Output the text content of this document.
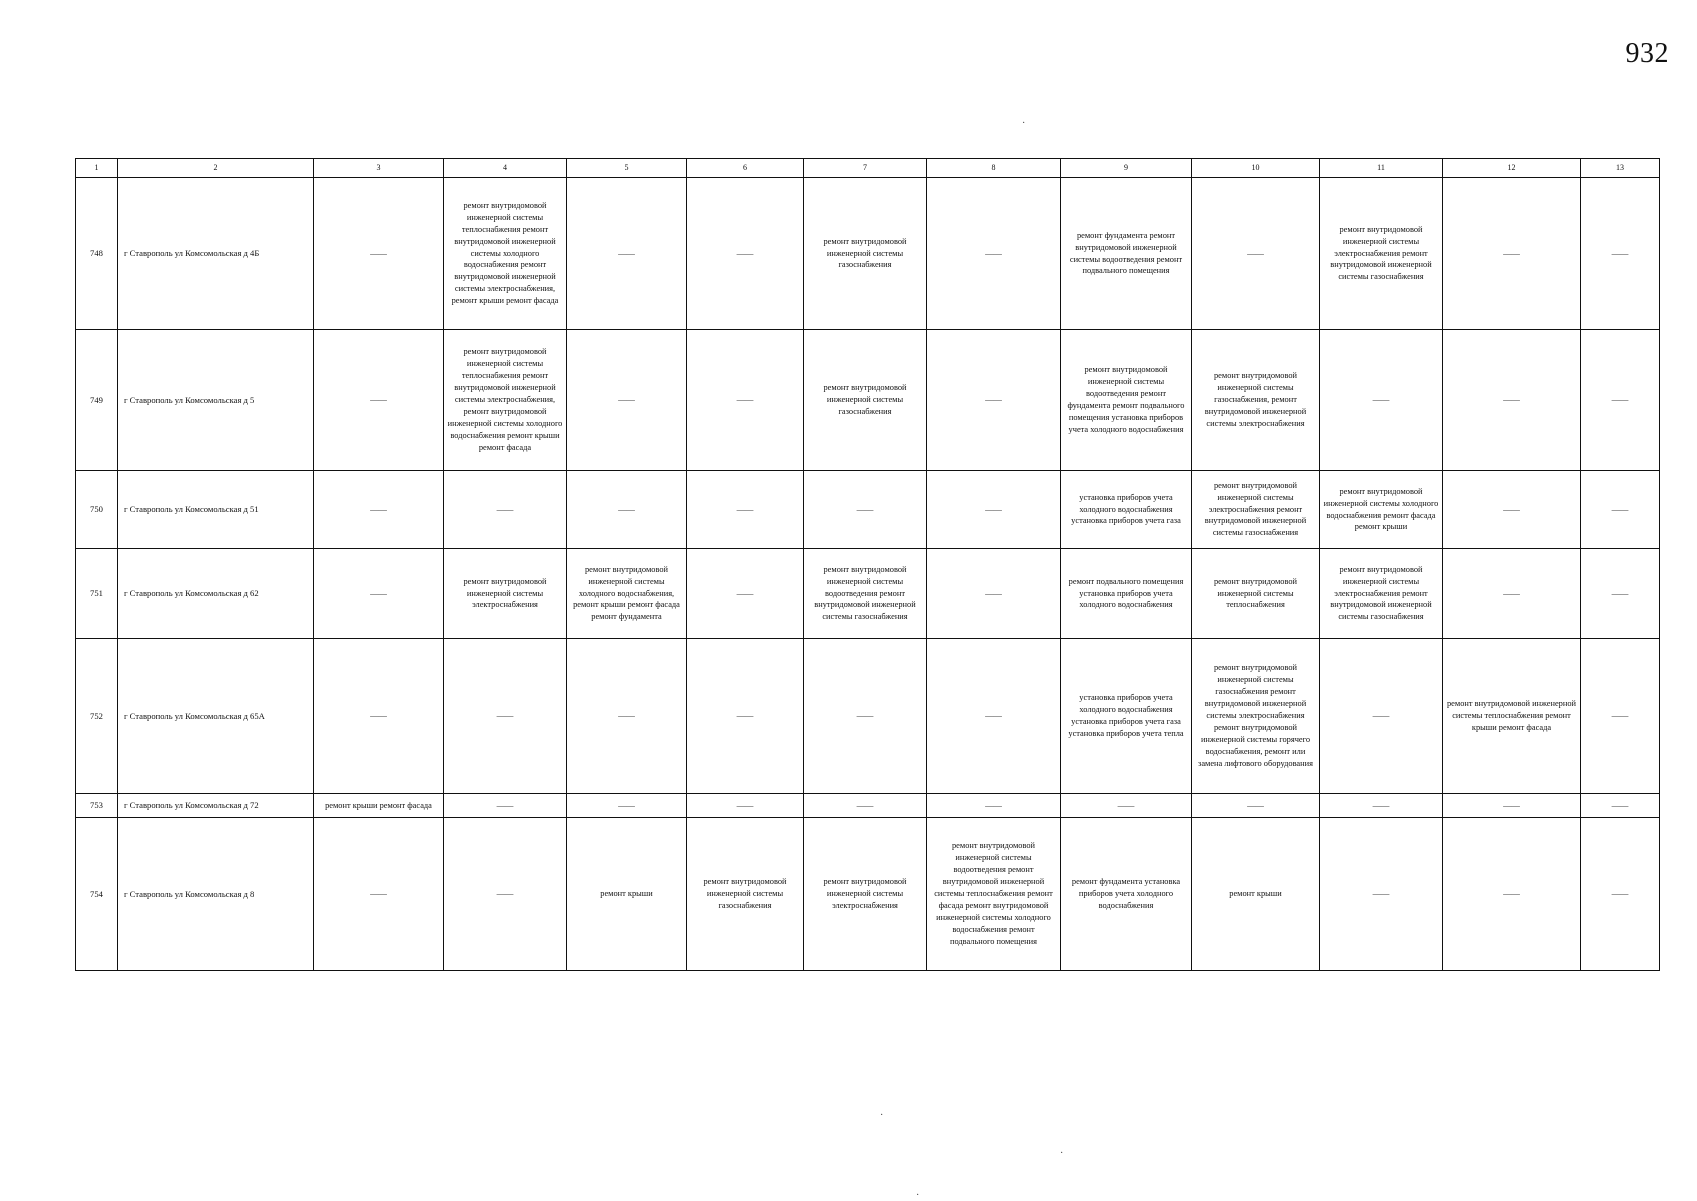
932
·
·
·
·
1	2	3	4	5	6	7	8	9	10	11	12	13
748	г Ставрополь ул Комсомольская д 4Б	——	ремонт внутридомовой инженерной системы теплоснабжения ремонт внутридомовой инженерной системы холодного водоснабжения ремонт внутридомовой инженерной системы электроснабжения, ремонт крыши ремонт фасада	——	——	ремонт внутридомовой инженерной системы газоснабжения	——	ремонт фундамента ремонт внутридомовой инженерной системы водоотведения ремонт подвального помещения	——	ремонт внутридомовой инженерной системы электроснабжения ремонт внутридомовой инженерной системы газоснабжения	——	——
749	г Ставрополь ул Комсомольская д 5	——	ремонт внутридомовой инженерной системы теплоснабжения ремонт внутридомовой инженерной системы электроснабжения, ремонт внутридомовой инженерной системы холодного водоснабжения ремонт крыши ремонт фасада	——	——	ремонт внутридомовой инженерной системы газоснабжения	——	ремонт внутридомовой инженерной системы водоотведения ремонт фундамента ремонт подвального помещения установка приборов учета холодного водоснабжения	ремонт внутридомовой инженерной системы газоснабжения, ремонт внутридомовой инженерной системы электроснабжения	——	——	——
750	г Ставрополь ул Комсомольская д 51	——	——	——	——	——	——	установка приборов учета холодного водоснабжения установка приборов учета газа	ремонт внутридомовой инженерной системы электроснабжения ремонт внутридомовой инженерной системы газоснабжения	ремонт внутридомовой инженерной системы холодного водоснабжения ремонт фасада ремонт крыши	——	——
751	г Ставрополь ул Комсомольская д 62	——	ремонт внутридомовой инженерной системы электроснабжения	ремонт внутридомовой инженерной системы холодного водоснабжения, ремонт крыши ремонт фасада ремонт фундамента	——	ремонт внутридомовой инженерной системы водоотведения ремонт внутридомовой инженерной системы газоснабжения	——	ремонт подвального помещения установка приборов учета холодного водоснабжения	ремонт внутридомовой инженерной системы теплоснабжения	ремонт внутридомовой инженерной системы электроснабжения ремонт внутридомовой инженерной системы газоснабжения	——	——
752	г Ставрополь ул Комсомольская д 65А	——	——	——	——	——	——	установка приборов учета холодного водоснабжения установка приборов учета газа установка приборов учета тепла	ремонт внутридомовой инженерной системы газоснабжения ремонт внутридомовой инженерной системы электроснабжения ремонт внутридомовой инженерной системы горячего водоснабжения, ремонт или замена лифтового оборудования	——	ремонт внутридомовой инженерной системы теплоснабжения ремонт крыши ремонт фасада	——
753	г Ставрополь ул Комсомольская д 72	ремонт крыши ремонт фасада	——	——	——	——	——	——	——	——	——	——
754	г Ставрополь ул Комсомольская д 8	——	——	ремонт крыши	ремонт внутридомовой инженерной системы газоснабжения	ремонт внутридомовой инженерной системы электроснабжения	ремонт внутридомовой инженерной системы водоотведения ремонт внутридомовой инженерной системы теплоснабжения ремонт фасада ремонт внутридомовой инженерной системы холодного водоснабжения ремонт подвального помещения	ремонт фундамента установка приборов учета холодного водоснабжения	ремонт крыши	——	——	——
